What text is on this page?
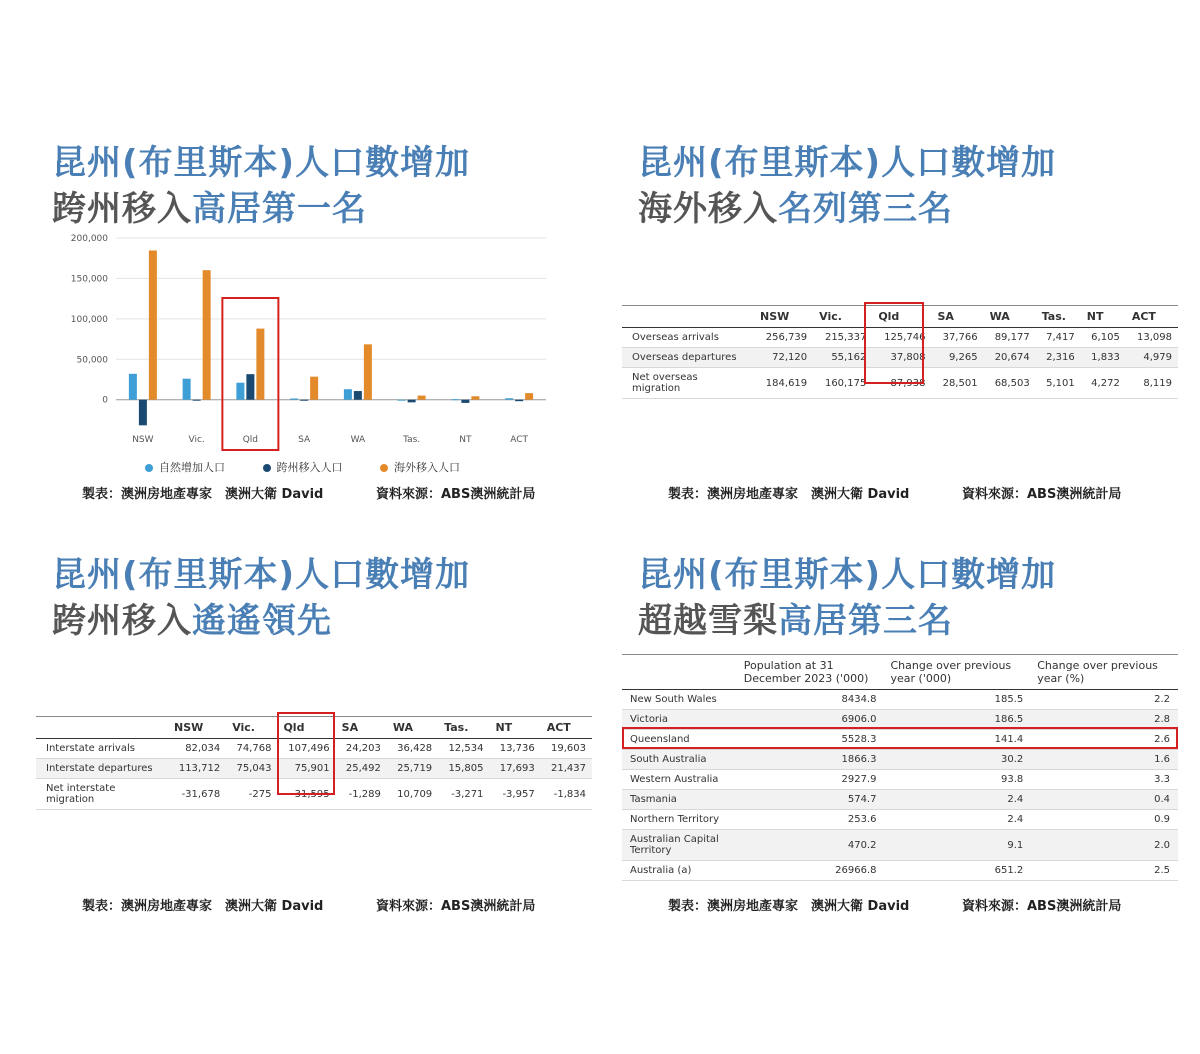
昆州(布里斯本)人口數增加
跨州移入高居第一名
200,000
150,000
100,000
50,000
0
NSW	Vic.	Qld	SA	WA	Tas.	NT	ACT
自然增加人口	跨州移入人口	海外移入人口
製表：澳洲房地產專家　澳洲大衛 David	資料來源：ABS澳洲統計局
昆州(布里斯本)人口數增加
海外移入名列第三名
	NSW	Vic.	Qld	SA	WA	Tas.	NT	ACT
Overseas arrivals	256,739	215,337	125,746	37,766	89,177	7,417	6,105	13,098
Overseas departures	72,120	55,162	37,808	9,265	20,674	2,316	1,833	4,979
Net overseas migration	184,619	160,175	87,938	28,501	68,503	5,101	4,272	8,119
製表：澳洲房地產專家　澳洲大衛 David	資料來源：ABS澳洲統計局
昆州(布里斯本)人口數增加
跨州移入遙遙領先
	NSW	Vic.	Qld	SA	WA	Tas.	NT	ACT
Interstate arrivals	82,034	74,768	107,496	24,203	36,428	12,534	13,736	19,603
Interstate departures	113,712	75,043	75,901	25,492	25,719	15,805	17,693	21,437
Net interstate migration	-31,678	-275	31,595	-1,289	10,709	-3,271	-3,957	-1,834
製表：澳洲房地產專家　澳洲大衛 David	資料來源：ABS澳洲統計局
昆州(布里斯本)人口數增加
超越雪梨高居第三名
	Population at 31 December 2023 ('000)	Change over previous year ('000)	Change over previous year (%)
New South Wales	8434.8	185.5	2.2
Victoria	6906.0	186.5	2.8
Queensland	5528.3	141.4	2.6
South Australia	1866.3	30.2	1.6
Western Australia	2927.9	93.8	3.3
Tasmania	574.7	2.4	0.4
Northern Territory	253.6	2.4	0.9
Australian Capital Territory	470.2	9.1	2.0
Australia (a)	26966.8	651.2	2.5
製表：澳洲房地產專家　澳洲大衛 David	資料來源：ABS澳洲統計局
